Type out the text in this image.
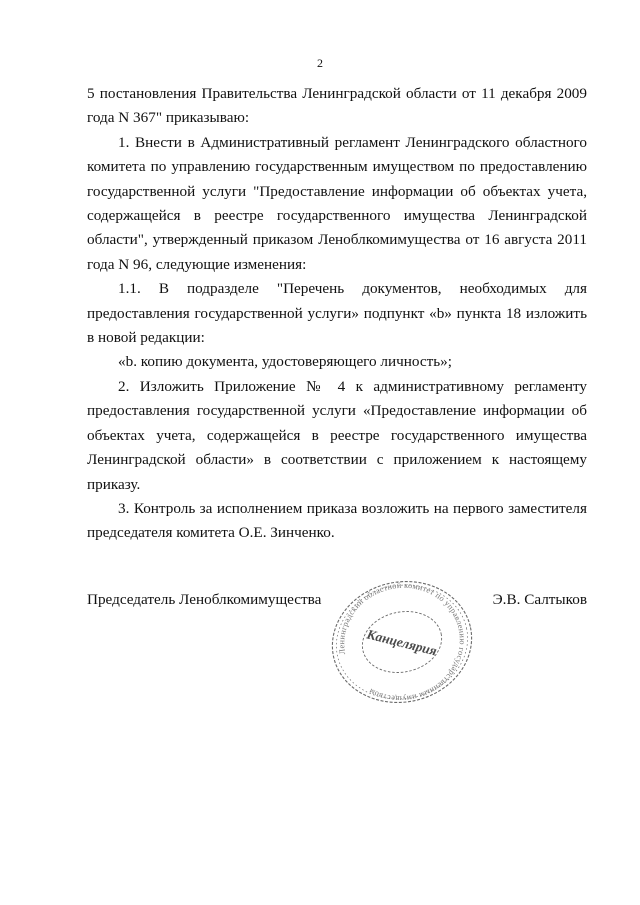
2

5 постановления Правительства Ленинградской области от 11 декабря 2009 года N 367" приказываю:

1. Внести в Административный регламент Ленинградского областного комитета по управлению государственным имуществом по предоставлению государственной услуги "Предоставление информации об объектах учета, содержащейся в реестре государственного имущества Ленинградской области", утвержденный приказом Леноблкомимущества от 16 августа 2011 года N 96, следующие изменения:

1.1. В подразделе "Перечень документов, необходимых для предоставления государственной услуги» подпункт «b» пункта 18 изложить в новой редакции:

«b. копию документа, удостоверяющего личность»;

2. Изложить Приложение № 4 к административному регламенту предоставления государственной услуги «Предоставление информации об объектах учета, содержащейся в реестре государственного имущества Ленинградской области» в соответствии с приложением к настоящему приказу.

3. Контроль за исполнением приказа возложить на первого заместителя председателя комитета О.Е. Зинченко.

Председатель Леноблкомимущества	Э.В. Салтыков
Ленинградский областной комитет по управлению государственным имуществом
Канцелярия
